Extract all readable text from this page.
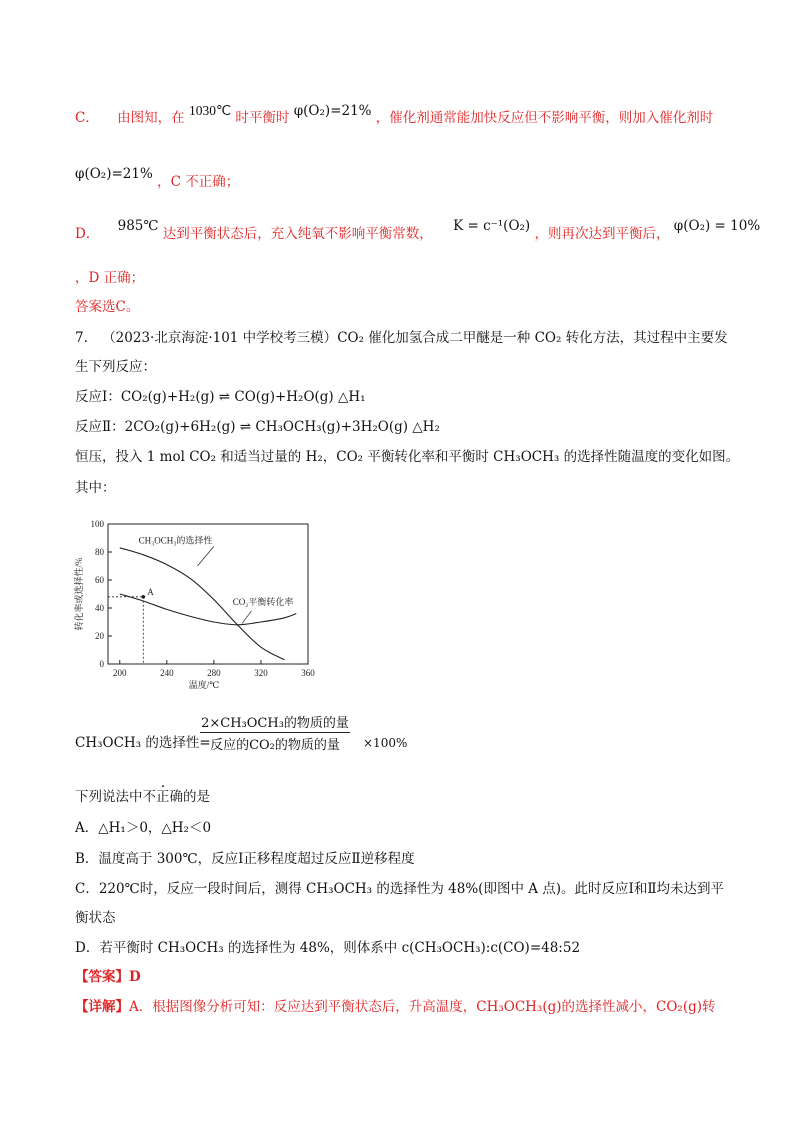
C． 由图知，在 1030℃ 时平衡时 φ(O₂)=21% ，催化剂通常能加快反应但不影响平衡，则加入催化剂时
φ(O₂)=21% ，C 不正确；
D． 985℃ 达到平衡状态后，充入纯氧不影响平衡常数， K = c⁻¹(O₂) ，则再次达到平衡后， φ(O₂) = 10%
，D 正确；
答案选C。
7. （2023·北京海淀·101 中学校考三模）CO₂ 催化加氢合成二甲醚是一种 CO₂ 转化方法，其过程中主要发
生下列反应：
反应Ⅰ：CO₂(g)+H₂(g) ⇌ CO(g)+H₂O(g) △H₁
反应Ⅱ：2CO₂(g)+6H₂(g) ⇌ CH₃OCH₃(g)+3H₂O(g) △H₂
恒压，投入 1 mol CO₂ 和适当过量的 H₂，CO₂ 平衡转化率和平衡时 CH₃OCH₃ 的选择性随温度的变化如图。
其中：
0
20
40
60
80
100
200	240	280	320	360
温度/℃
转化率或选择性/%
CH₃OCH₃的选择性
CO₂平衡转化率
A
CH₃OCH₃ 的选择性=
2×CH₃OCH₃的物质的量
反应的CO₂的物质的量	×100%
下列说法中不正确的是
A．△H₁＞0，△H₂＜0
B．温度高于 300℃，反应Ⅰ正移程度超过反应Ⅱ逆移程度
C．220℃时，反应一段时间后，测得 CH₃OCH₃ 的选择性为 48%(即图中 A 点)。此时反应Ⅰ和Ⅱ均未达到平
衡状态
D．若平衡时 CH₃OCH₃ 的选择性为 48%，则体系中 c(CH₃OCH₃):c(CO)=48:52
【答案】D
【详解】A．根据图像分析可知：反应达到平衡状态后，升高温度，CH₃OCH₃(g)的选择性减小，CO₂(g)转
